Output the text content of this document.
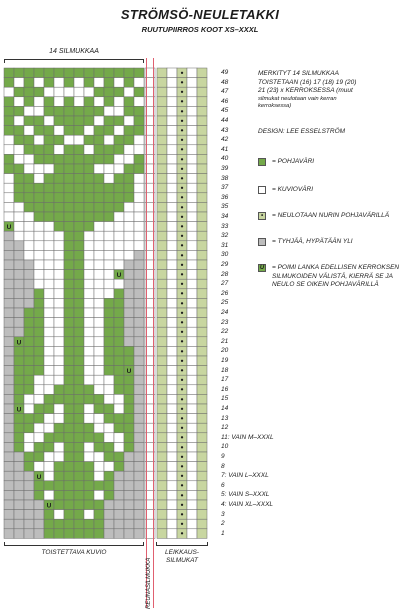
STRÖMSÖ-NEULETAKKI
RUUTUPIIRROS KOOT XS–XXXL
14 SILMUKKAA
•
•
•
•
•
•
•
•
•
•
•
•
•
•
•
•
U	•
•
•
•
•
U	•
•
•
•
•
•
•
U	•
•
•
U	•
•
•
•
U	•
•
•
•
•
•
•
U	•
•
•
U	•
•
•
•
49
48
47
46
45
44
43
42
41
40
39
38
37
36
35
34
33
32
31
30
29
28
27
26
25
24
23
22
21
20
19
18
17
16
15
14
13
12
11: VAIN M–XXXL
10
9
8
7: VAIN L–XXXL
6
5: VAIN S–XXXL
4: VAIN XL–XXXL
3
2
1
TOISTETTAVA KUVIO	LEIKKAUS-
SILMUKAT
REUNASILMUKKA
MERKITYT 14 SILMUKKAA
TOISTETAAN (16) 17 (18) 19 (20)
21 (23) x KERROKSESSA (muut
silmukat neulotaan vain kerran
kerroksessa)
DESIGN: LEE ESSELSTRÖM
= POHJAVÄRI
= KUVIOVÄRI
•	= NEULOTAAN NURIN POHJAVÄRILLÄ
= TYHJÄÄ, HYPÄTÄÄN YLI
U = POIMI LANKA EDELLISEN KERROKSEN SILMUKOIDEN VÄLISTÄ, KIERRÄ SE JA NEULO SE OIKEIN POHJAVÄRILLÄ
